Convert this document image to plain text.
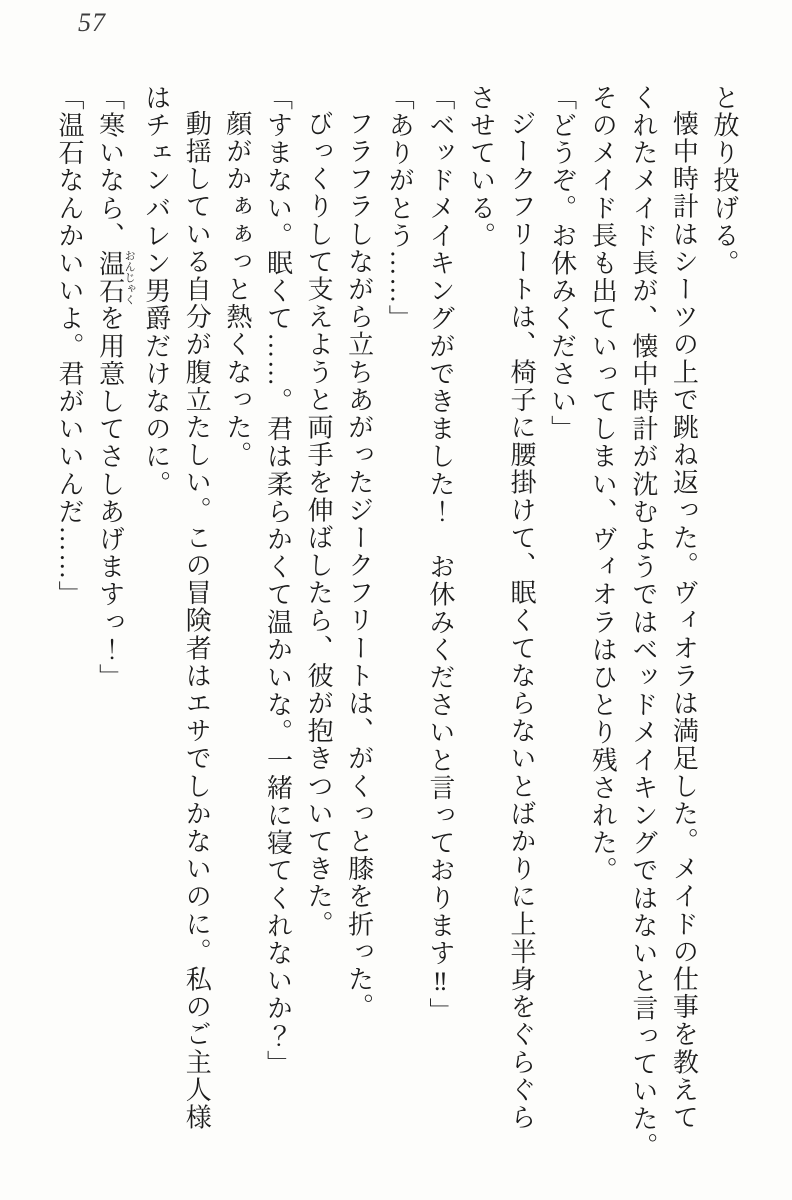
57

と放り投げる。

懐中時計はシーツの上で跳ね返った。ヴィオラは満足した。メイドの仕事を教えて

くれたメイド長が、懐中時計が沈むようではベッドメイキングではないと言っていた。

そのメイド長も出ていってしまい、ヴィオラはひとり残された。

「どうぞ。お休みください」

ジークフリートは、椅子に腰掛けて、眠くてならないとばかりに上半身をぐらぐら

させている。

「ベッドメイキングができました！　お休みくださいと言っております‼」

「ありがとう……」

フラフラしながら立ちあがったジークフリートは、がくっと膝を折った。

びっくりして支えようと両手を伸ばしたら、彼が抱きついてきた。

「すまない。眠くて……。君は柔らかくて温かいな。一緒に寝てくれないか？」

顔がかぁぁっと熱くなった。

動揺している自分が腹立たしい。この冒険者はエサでしかないのに。私のご主人様

はチェンバレン男爵だけなのに。

「寒いなら、温石おんじゃくを用意してさしあげますっ！」

「温石なんかいいよ。君がいいんだ……」
